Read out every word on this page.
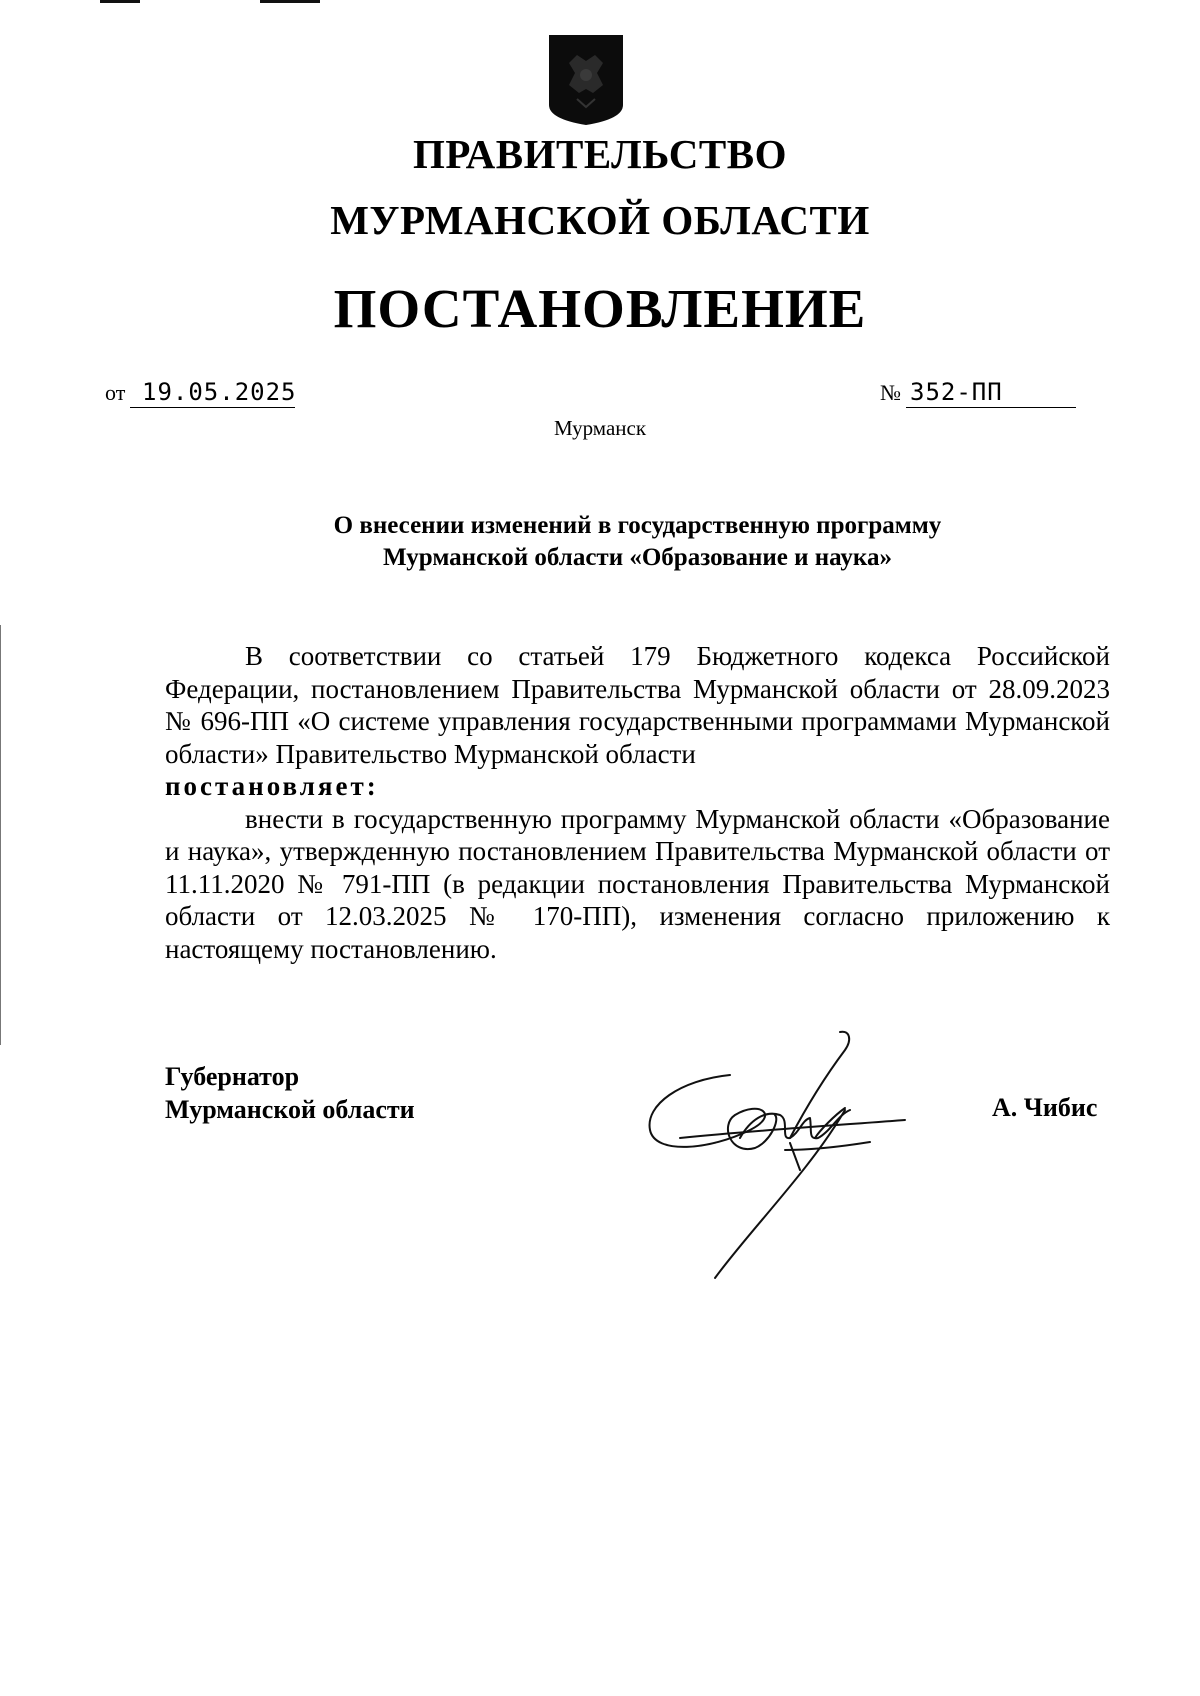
ПРАВИТЕЛЬСТВО
МУРМАНСКОЙ ОБЛАСТИ
ПОСТАНОВЛЕНИЕ
от 19.05.2025	№ 352-ПП
Мурманск
О внесении изменений в государственную программу
Мурманской области «Образование и наука»

В соответствии со статьей 179 Бюджетного кодекса Российской Федерации, постановлением Правительства Мурманской области от 28.09.2023 № 696-ПП «О системе управления государственными программами Мурманской области» Правительство Мурманской области

постановляет:

внести в государственную программу Мурманской области «Образование и наука», утвержденную постановлением Правительства Мурманской области от 11.11.2020 № 791-ПП (в редакции постановления Правительства Мурманской области от 12.03.2025 № 170-ПП), изменения согласно приложению к настоящему постановлению.

Губернатор
Мурманской области	А. Чибис
